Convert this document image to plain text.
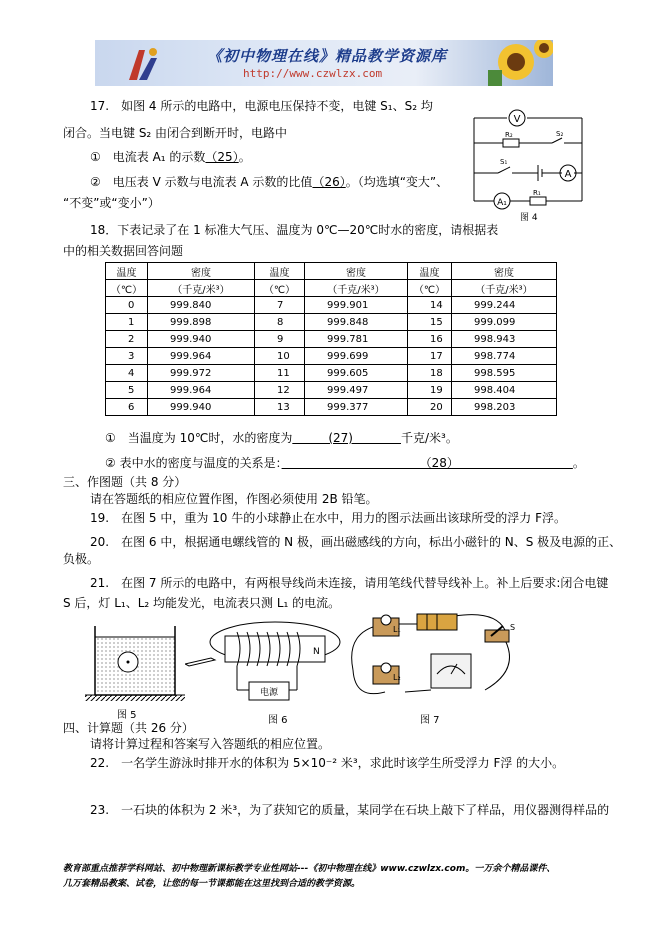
《初中物理在线》精品教学资源库
http://www.czwlzx.com
17.　如图 4 所示的电路中，电源电压保持不变，电键 S₁、S₂ 均
闭合。当电键 S₂ 由闭合到断开时，电路中
①　电流表 A₁ 的示数（25）。
②　电压表 V 示数与电流表 A 示数的比值（26）。（均选填“变大”、
“不变”或“变小”）
V
A
A₁
R₂	S₂
S₁
R₁
图 4
18．下表记录了在 1 标准大气压、温度为 0℃—20℃时水的密度，请根据表
中的相关数据回答问题
温度	密度	温度	密度	温度	密度
（℃）	（千克/米³）	（℃）	（千克/米³）	（℃）	（千克/米³）
0	999.840	7	999.901	14	999.244
1	999.898	8	999.848	15	999.099
2	999.940	9	999.781	16	998.943
3	999.964	10	999.699	17	998.774
4	999.972	11	999.605	18	998.595
5	999.964	12	999.497	19	998.404
6	999.940	13	999.377	20	998.203
①　当温度为 10℃时，水的密度为　　　(27)　　　　千克/米³。
② 表中水的密度与温度的关系是：　　　　　　　　　　　　（28）　　　　　　　　　　。
三、作图题（共 8 分）
请在答题纸的相应位置作图，作图必须使用 2B 铅笔。
19.　在图 5 中，重为 10 牛的小球静止在水中，用力的图示法画出该球所受的浮力 F浮。
20.　在图 6 中，根据通电螺线管的 N 极，画出磁感线的方向，标出小磁针的 N、S 极及电源的正、
负极。
21.　在图 7 所示的电路中，有两根导线尚未连接，请用笔线代替导线补上。补上后要求:闭合电键
S 后，灯 L₁、L₂ 均能发光，电流表只测 L₁ 的电流。
图 5
电源
N
图 6
L₁
L₂
S
图 7
四、计算题（共 26 分）
请将计算过程和答案写入答题纸的相应位置。
22.　一名学生游泳时排开水的体积为 5×10⁻² 米³，求此时该学生所受浮力 F浮 的大小。
23.　一石块的体积为 2 米³，为了获知它的质量，某同学在石块上敲下了样品，用仪器测得样品的
教育部重点推荐学科网站、初中物理新课标教学专业性网站---《初中物理在线》www.czwlzx.com。一万余个精品课件、
几万套精品教案、试卷，让您的每一节课都能在这里找到合适的教学资源。
